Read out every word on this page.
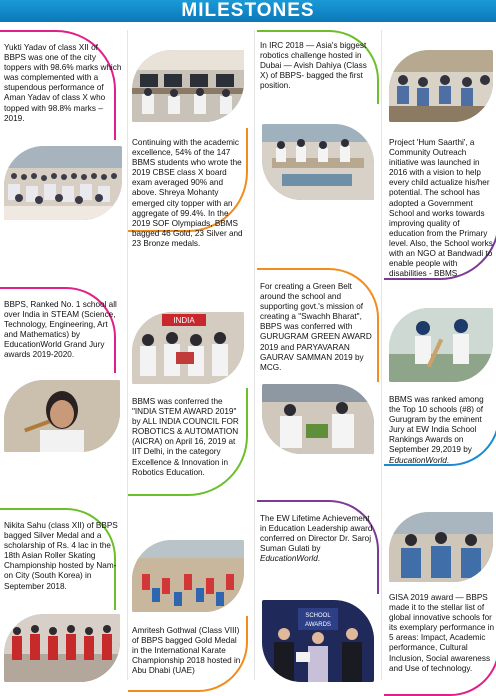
MILESTONES
Yukti Yadav of class XII of BBPS was one of the city toppers with 98.6% marks which was complemented with a stupendous performance of Aman Yadav of class X who topped with 98.8% marks – 2019.
Continuing with the academic excellence, 54% of the 147 BBMS students who wrote the 2019 CBSE class X board exam averaged 90% and above. Shreya Mohanty emerged city topper with an aggregate of 99.4%. In the 2019 SOF Olympiads, BBMS bagged 46 Gold, 23 Silver and 23 Bronze medals.
In IRC 2018 — Asia's biggest robotics challenge hosted in Dubai — Avish Dahiya (Class X) of BBPS- bagged the first position.
Project 'Hum Saarthi', a Community Outreach initiative was launched in 2016 with a vision to help every child actualize his/her potential. The school has adopted a Government School and works towards improving quality of education from the Primary level. Also, the School works with an NGO at Bandwadi to enable people with disabilities - BBMS
BBPS, Ranked No. 1 school all over India in STEAM (Science, Technology, Engineering, Art and Mathematics) by EducationWorld Grand Jury awards 2019-2020.
INDIA
BBMS was conferred the "INDIA STEM AWARD 2019" by ALL INDIA COUNCIL FOR ROBOTICS & AUTOMATION (AICRA) on April 16, 2019 at IIT Delhi, in the category Excellence & Innovation in Robotics Education.
For creating a Green Belt around the school and supporting govt.'s mission of creating a "Swachh Bharat", BBPS was conferred with GURUGRAM GREEN AWARD 2019 and PARYAVARAN GAURAV SAMMAN 2019 by MCG.
BBMS was ranked among the Top 10 schools (#8) of Gurugram by the eminent Jury at EW India School Rankings Awards on September 29,2019 by EducationWorld.
Nikita Sahu (class XII) of BBPS bagged Silver Medal and a scholarship of Rs. 4 lac in the 18th Asian Roller Skating Championship hosted by Nam-on City (South Korea) in September 2018.
Amritesh Gothwal (Class VIII) of BBPS bagged Gold Medal in the International Karate Championship 2018 hosted in Abu Dhabi (UAE)
The EW Lifetime Achievement in Education Leadership award conferred on Director Dr. Saroj Suman Gulati by EducationWorld.
SCHOOL
AWARDS
GISA 2019 award — BBPS made it to the stellar list of global innovative schools for its exemplary performance in 5 areas: Impact, Academic performance, Cultural Inclusion, Social awareness and Use of technology.
